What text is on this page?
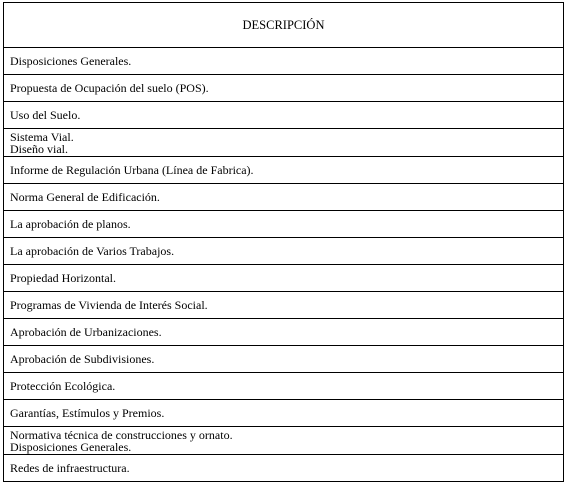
DESCRIPCIÓN

Disposiciones Generales.

Propuesta de Ocupación del suelo (POS).

Uso del Suelo.

Sistema Vial.
Diseño vial.

Informe de Regulación Urbana (Línea de Fabrica).

Norma General de Edificación.

La aprobación de planos.

La aprobación de Varios Trabajos.

Propiedad Horizontal.

Programas de Vivienda de Interés Social.

Aprobación de Urbanizaciones.

Aprobación de Subdivisiones.

Protección Ecológica.

Garantías, Estímulos y Premios.

Normativa técnica de construcciones y ornato.
Disposiciones Generales.

Redes de infraestructura.
